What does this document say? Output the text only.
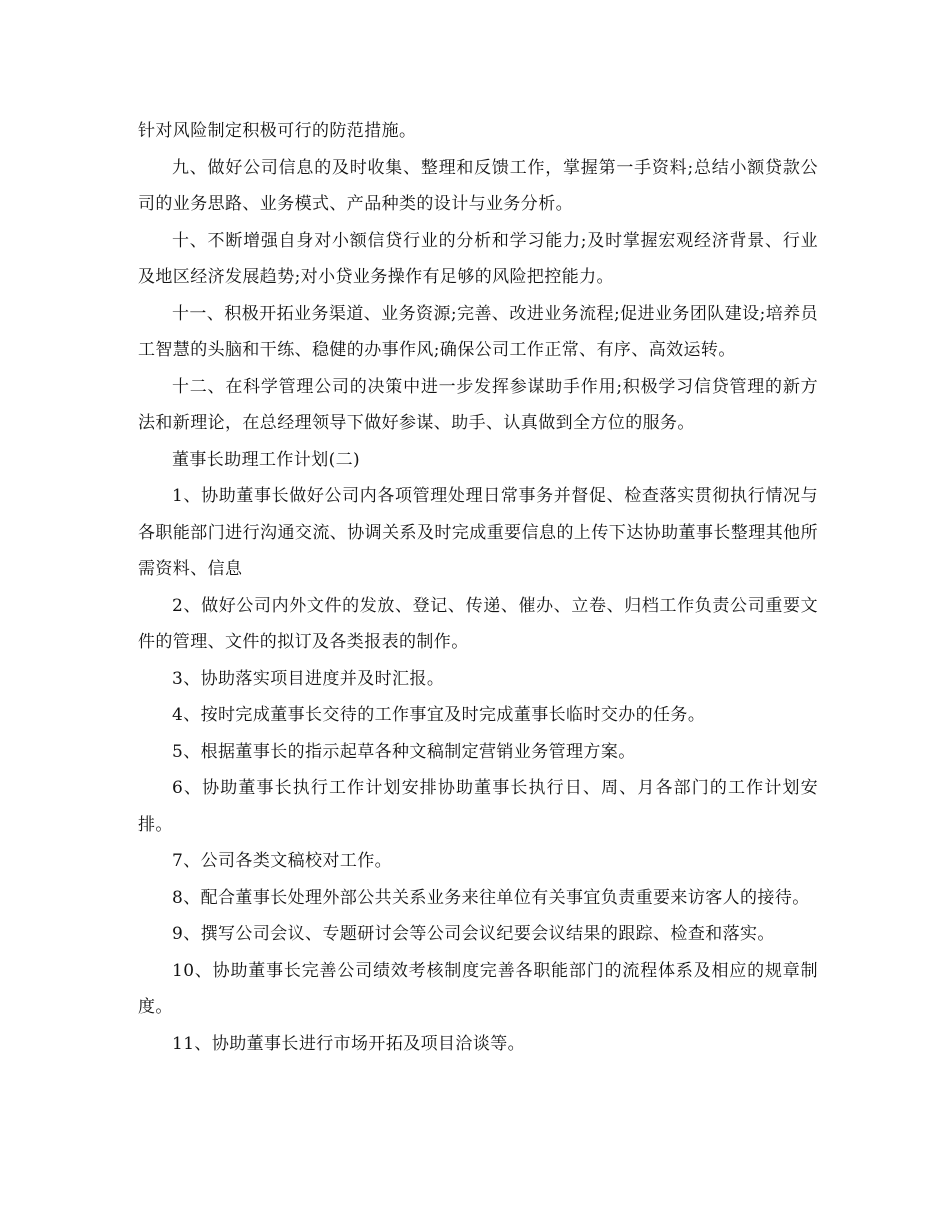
针对风险制定积极可行的防范措施。

九、做好公司信息的及时收集、整理和反馈工作，掌握第一手资料;总结小额贷款公司的业务思路、业务模式、产品种类的设计与业务分析。

十、不断增强自身对小额信贷行业的分析和学习能力;及时掌握宏观经济背景、行业及地区经济发展趋势;对小贷业务操作有足够的风险把控能力。

十一、积极开拓业务渠道、业务资源;完善、改进业务流程;促进业务团队建设;培养员工智慧的头脑和干练、稳健的办事作风;确保公司工作正常、有序、高效运转。

十二、在科学管理公司的决策中进一步发挥参谋助手作用;积极学习信贷管理的新方法和新理论，在总经理领导下做好参谋、助手、认真做到全方位的服务。

董事长助理工作计划(二)

1、协助董事长做好公司内各项管理处理日常事务并督促、检查落实贯彻执行情况与各职能部门进行沟通交流、协调关系及时完成重要信息的上传下达协助董事长整理其他所需资料、信息

2、做好公司内外文件的发放、登记、传递、催办、立卷、归档工作负责公司重要文件的管理、文件的拟订及各类报表的制作。

3、协助落实项目进度并及时汇报。

4、按时完成董事长交待的工作事宜及时完成董事长临时交办的任务。

5、根据董事长的指示起草各种文稿制定营销业务管理方案。

6、协助董事长执行工作计划安排协助董事长执行日、周、月各部门的工作计划安排。

7、公司各类文稿校对工作。

8、配合董事长处理外部公共关系业务来往单位有关事宜负责重要来访客人的接待。

9、撰写公司会议、专题研讨会等公司会议纪要会议结果的跟踪、检查和落实。

10、协助董事长完善公司绩效考核制度完善各职能部门的流程体系及相应的规章制度。

11、协助董事长进行市场开拓及项目洽谈等。
